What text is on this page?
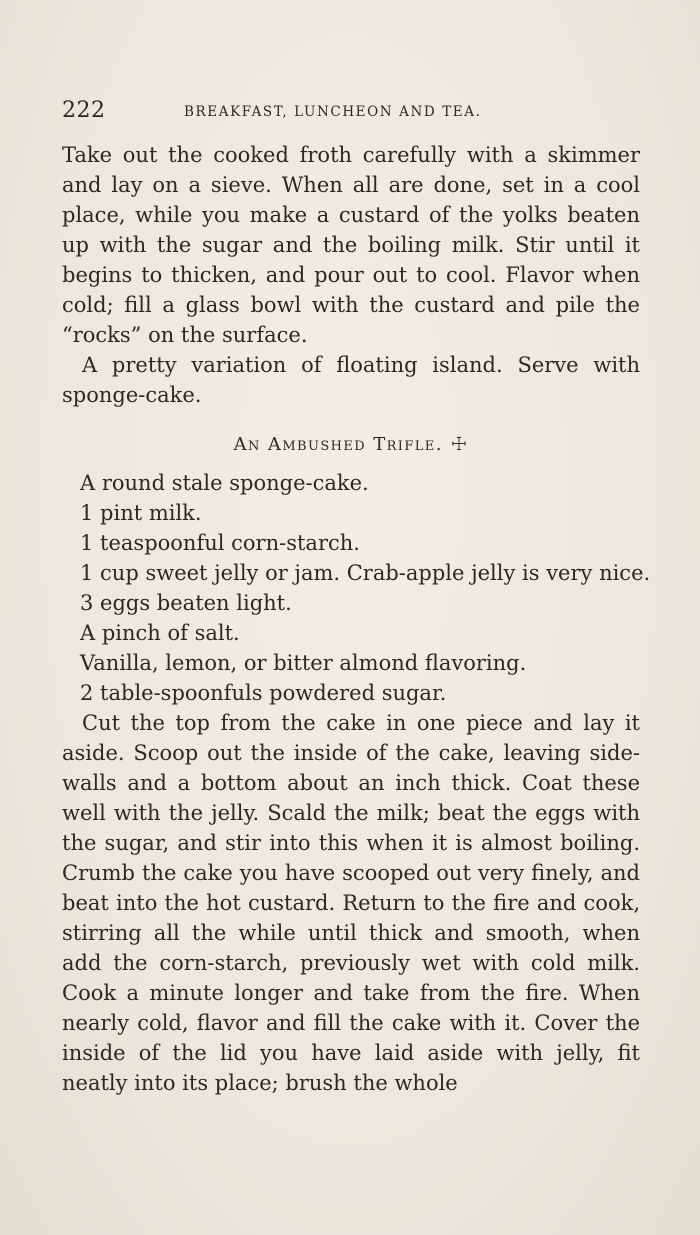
222	BREAKFAST, LUNCHEON AND TEA.

Take out the cooked froth carefully with a skimmer and lay on a sieve. When all are done, set in a cool place, while you make a custard of the yolks beaten up with the sugar and the boiling milk. Stir until it begins to thicken, and pour out to cool. Flavor when cold; fill a glass bowl with the custard and pile the “rocks” on the surface.

A pretty variation of floating island. Serve with sponge-cake.

An Ambushed Trifle. ☩
A round stale sponge-cake.
1 pint milk.
1 teaspoonful corn-starch.
1 cup sweet jelly or jam. Crab-apple jelly is very nice.
3 eggs beaten light.
A pinch of salt.
Vanilla, lemon, or bitter almond flavoring.
2 table-spoonfuls powdered sugar.

Cut the top from the cake in one piece and lay it aside. Scoop out the inside of the cake, leaving side-walls and a bottom about an inch thick. Coat these well with the jelly. Scald the milk; beat the eggs with the sugar, and stir into this when it is almost boiling. Crumb the cake you have scooped out very finely, and beat into the hot custard. Return to the fire and cook, stirring all the while until thick and smooth, when add the corn-starch, previously wet with cold milk. Cook a minute longer and take from the fire. When nearly cold, flavor and fill the cake with it. Cover the inside of the lid you have laid aside with jelly, fit neatly into its place; brush the whole
